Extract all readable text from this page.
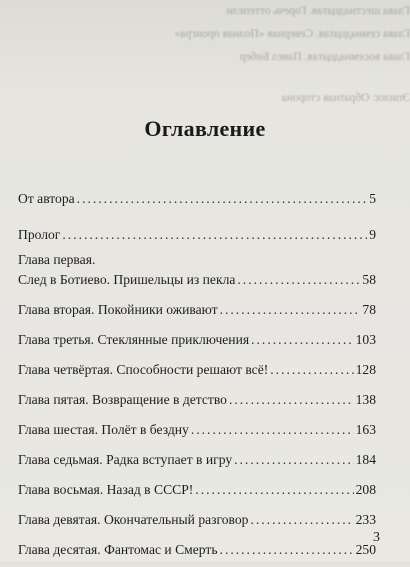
Глава шестнадцатая. Горечь оттепели
Глава семнадцатая. Северная «Полная проигра»
Глава восемнадцатая. Павел Бибер
Эпилог. Обратная сторона
Оглавление
От автора .....	5
Пролог .....	9
Глава первая.
След в Ботиево. Пришельцы из пекла .....	58
Глава вторая. Покойники оживают .....	78
Глава третья. Стеклянные приключения .....	103
Глава четвёртая. Способности решают всё! .....	128
Глава пятая. Возвращение в детство .....	138
Глава шестая. Полёт в бездну .....	163
Глава седьмая. Радка вступает в игру .....	184
Глава восьмая. Назад в СССР! .....	208
Глава девятая. Окончательный разговор .....	233
Глава десятая. Фантомас и Смерть .....	250
3
